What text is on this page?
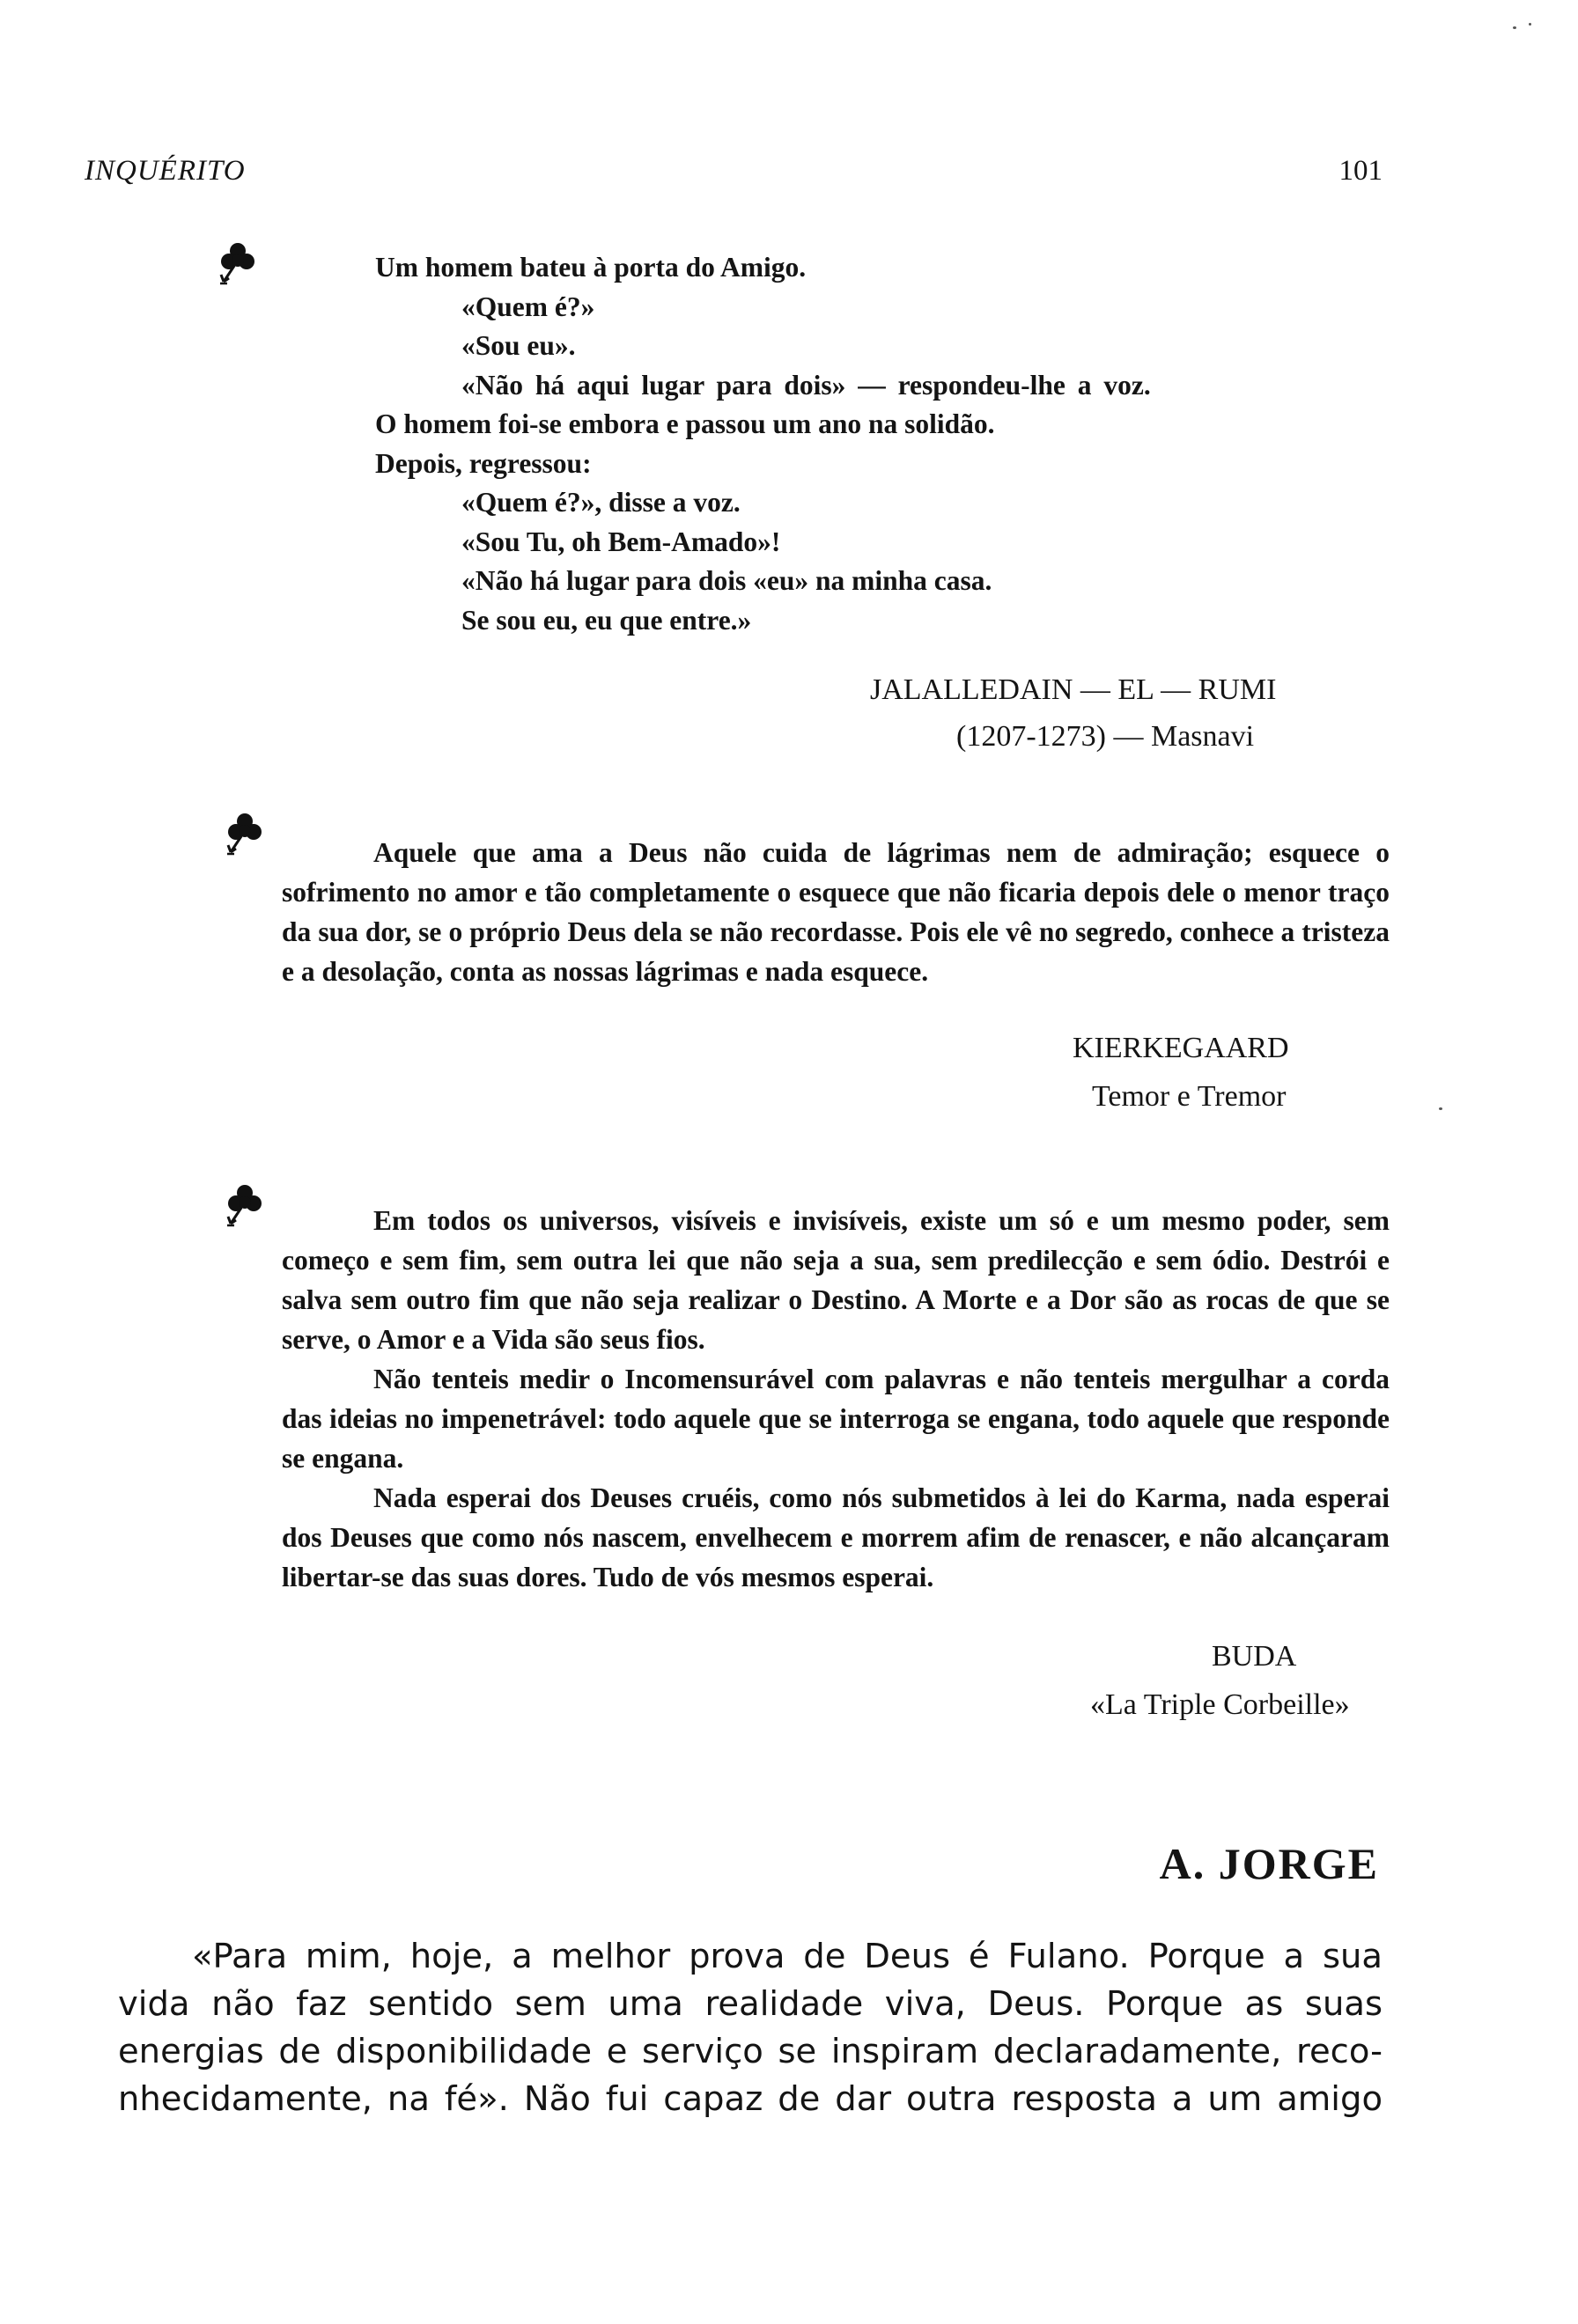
INQUÉRITO	101
Um homem bateu à porta do Amigo.
«Quem é?»
«Sou eu».
«Não há aqui lugar para dois» — respondeu-lhe a voz.
O homem foi-se embora e passou um ano na solidão.
Depois, regressou:
«Quem é?», disse a voz.
«Sou Tu, oh Bem-Amado»!
«Não há lugar para dois «eu» na minha casa.
Se sou eu, eu que entre.»
JALALLEDAIN — EL — RUMI
(1207-1273) — Masnavi

Aquele que ama a Deus não cuida de lágrimas nem de admiração; esquece o sofrimento no amor e tão completamente o esquece que não ficaria depois dele o menor traço da sua dor, se o próprio Deus dela se não recordasse. Pois ele vê no segredo, conhece a tristeza e a desolação, conta as nossas lágrimas e nada esquece.

KIERKEGAARD
Temor e Tremor

Em todos os universos, visíveis e invisíveis, existe um só e um mesmo poder, sem começo e sem fim, sem outra lei que não seja a sua, sem predilecção e sem ódio. Destrói e salva sem outro fim que não seja realizar o Destino. A Morte e a Dor são as rocas de que se serve, o Amor e a Vida são seus fios.

Não tenteis medir o Incomensurável com palavras e não tenteis mergulhar a corda das ideias no impenetrável: todo aquele que se interroga se engana, todo aquele que responde se engana.

Nada esperai dos Deuses cruéis, como nós submetidos à lei do Karma, nada esperai dos Deuses que como nós nascem, envelhecem e morrem afim de renascer, e não alcançaram libertar-se das suas dores. Tudo de vós mesmos esperai.

BUDA
«La Triple Corbeille»
A. JORGE
«Para mim, hoje, a melhor prova de Deus é Fulano. Porque a sua
vida não faz sentido sem uma realidade viva, Deus. Porque as suas
energias de disponibilidade e serviço se inspiram declaradamente, reco-
nhecidamente, na fé». Não fui capaz de dar outra resposta a um amigo
